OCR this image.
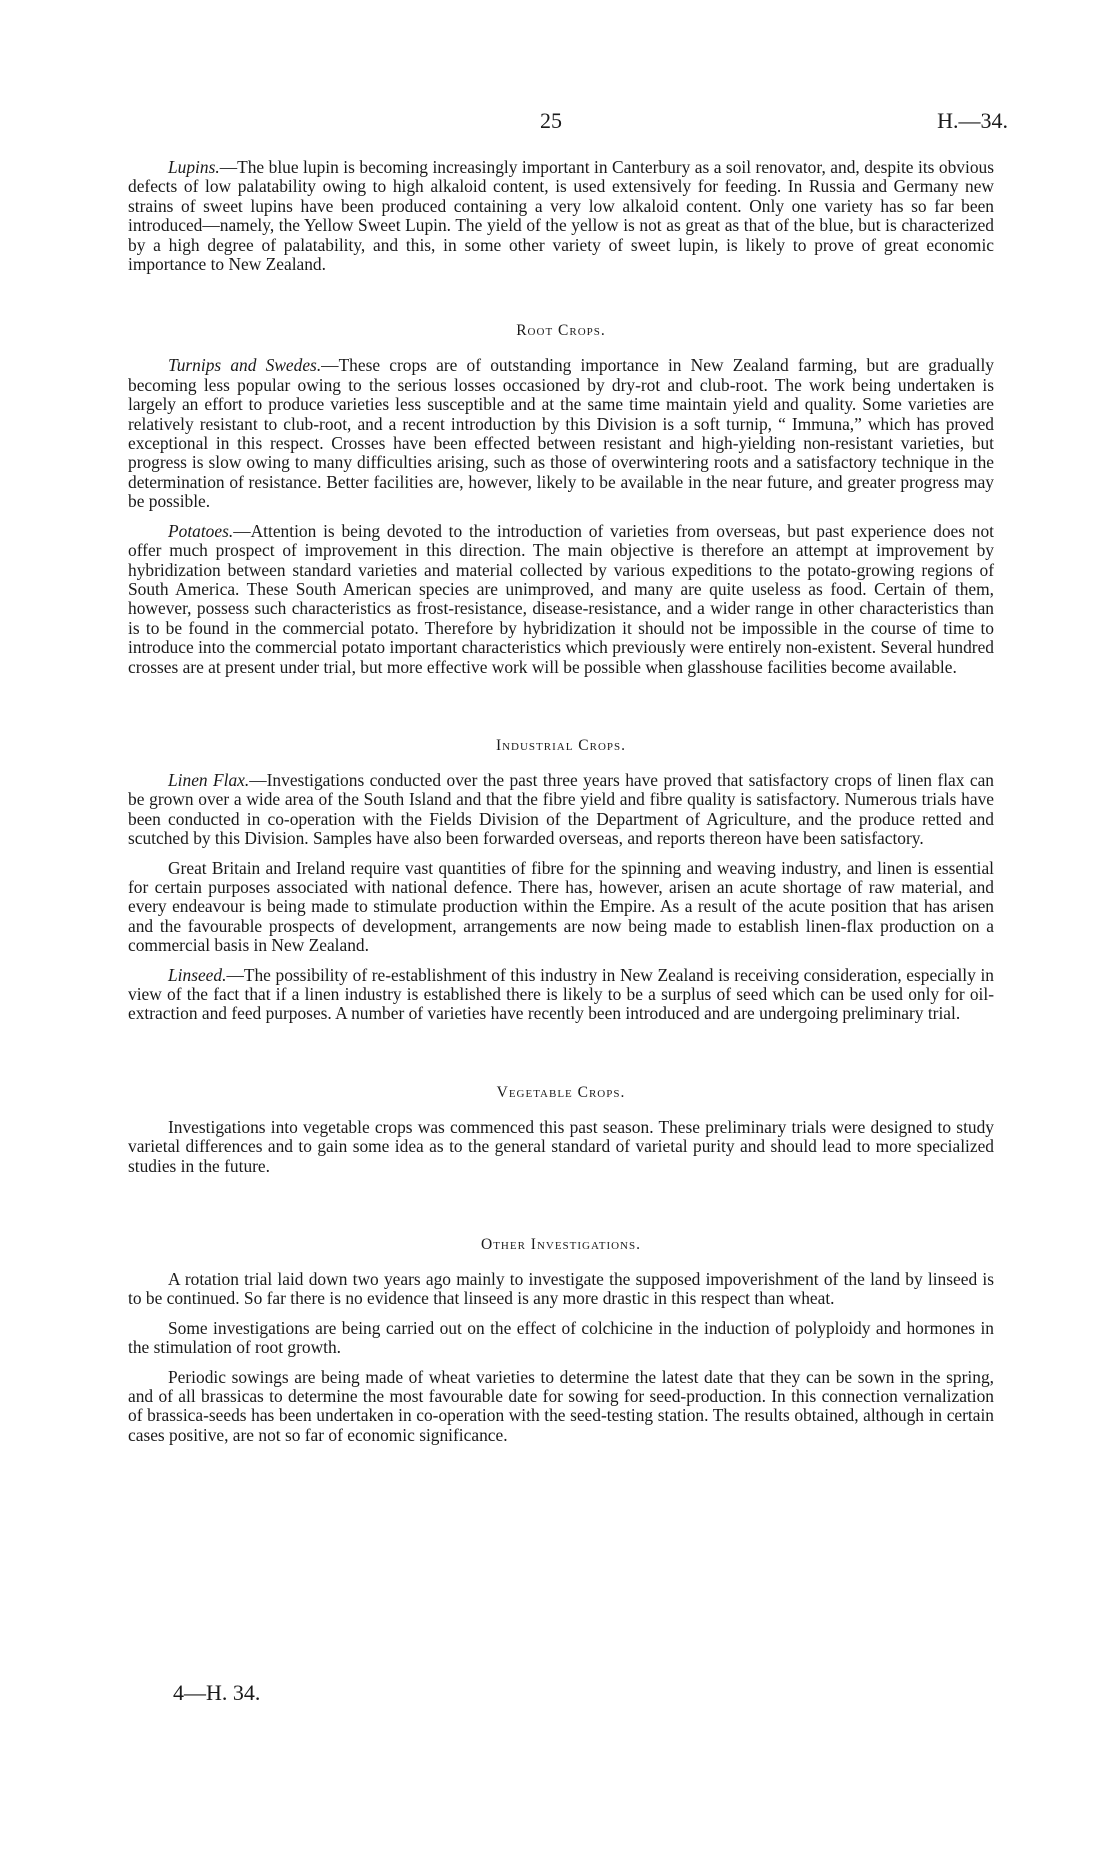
25	H.—34.

Lupins.—The blue lupin is becoming increasingly important in Canterbury as a soil renovator, and, despite its obvious defects of low palatability owing to high alkaloid content, is used extensively for feeding. In Russia and Germany new strains of sweet lupins have been produced containing a very low alkaloid content. Only one variety has so far been introduced—namely, the Yellow Sweet Lupin. The yield of the yellow is not as great as that of the blue, but is characterized by a high degree of palatability, and this, in some other variety of sweet lupin, is likely to prove of great economic importance to New Zealand.

Root Crops.

Turnips and Swedes.—These crops are of outstanding importance in New Zealand farming, but are gradually becoming less popular owing to the serious losses occasioned by dry-rot and club-root. The work being undertaken is largely an effort to produce varieties less susceptible and at the same time maintain yield and quality. Some varieties are relatively resistant to club-root, and a recent introduction by this Division is a soft turnip, “ Immuna,” which has proved exceptional in this respect. Crosses have been effected between resistant and high-yielding non-resistant varieties, but progress is slow owing to many difficulties arising, such as those of overwintering roots and a satisfactory technique in the determination of resistance. Better facilities are, however, likely to be available in the near future, and greater progress may be possible.

Potatoes.—Attention is being devoted to the introduction of varieties from overseas, but past experience does not offer much prospect of improvement in this direction. The main objective is therefore an attempt at improvement by hybridization between standard varieties and material collected by various expeditions to the potato-growing regions of South America. These South American species are unimproved, and many are quite useless as food. Certain of them, however, possess such characteristics as frost-resistance, disease-resistance, and a wider range in other characteristics than is to be found in the commercial potato. Therefore by hybridization it should not be impossible in the course of time to introduce into the commercial potato important characteristics which previously were entirely non-existent. Several hundred crosses are at present under trial, but more effective work will be possible when glasshouse facilities become available.

Industrial Crops.

Linen Flax.—Investigations conducted over the past three years have proved that satisfactory crops of linen flax can be grown over a wide area of the South Island and that the fibre yield and fibre quality is satisfactory. Numerous trials have been conducted in co-operation with the Fields Division of the Department of Agriculture, and the produce retted and scutched by this Division. Samples have also been forwarded overseas, and reports thereon have been satisfactory.

Great Britain and Ireland require vast quantities of fibre for the spinning and weaving industry, and linen is essential for certain purposes associated with national defence. There has, however, arisen an acute shortage of raw material, and every endeavour is being made to stimulate production within the Empire. As a result of the acute position that has arisen and the favourable prospects of development, arrangements are now being made to establish linen-flax production on a commercial basis in New Zealand.

Linseed.—The possibility of re-establishment of this industry in New Zealand is receiving consideration, especially in view of the fact that if a linen industry is established there is likely to be a surplus of seed which can be used only for oil-extraction and feed purposes. A number of varieties have recently been introduced and are undergoing preliminary trial.

Vegetable Crops.

Investigations into vegetable crops was commenced this past season. These preliminary trials were designed to study varietal differences and to gain some idea as to the general standard of varietal purity and should lead to more specialized studies in the future.

Other Investigations.

A rotation trial laid down two years ago mainly to investigate the supposed impoverishment of the land by linseed is to be continued. So far there is no evidence that linseed is any more drastic in this respect than wheat.

Some investigations are being carried out on the effect of colchicine in the induction of polyploidy and hormones in the stimulation of root growth.

Periodic sowings are being made of wheat varieties to determine the latest date that they can be sown in the spring, and of all brassicas to determine the most favourable date for sowing for seed-production. In this connection vernalization of brassica-seeds has been undertaken in co-operation with the seed-testing station. The results obtained, although in certain cases positive, are not so far of economic significance.

4—H. 34.
